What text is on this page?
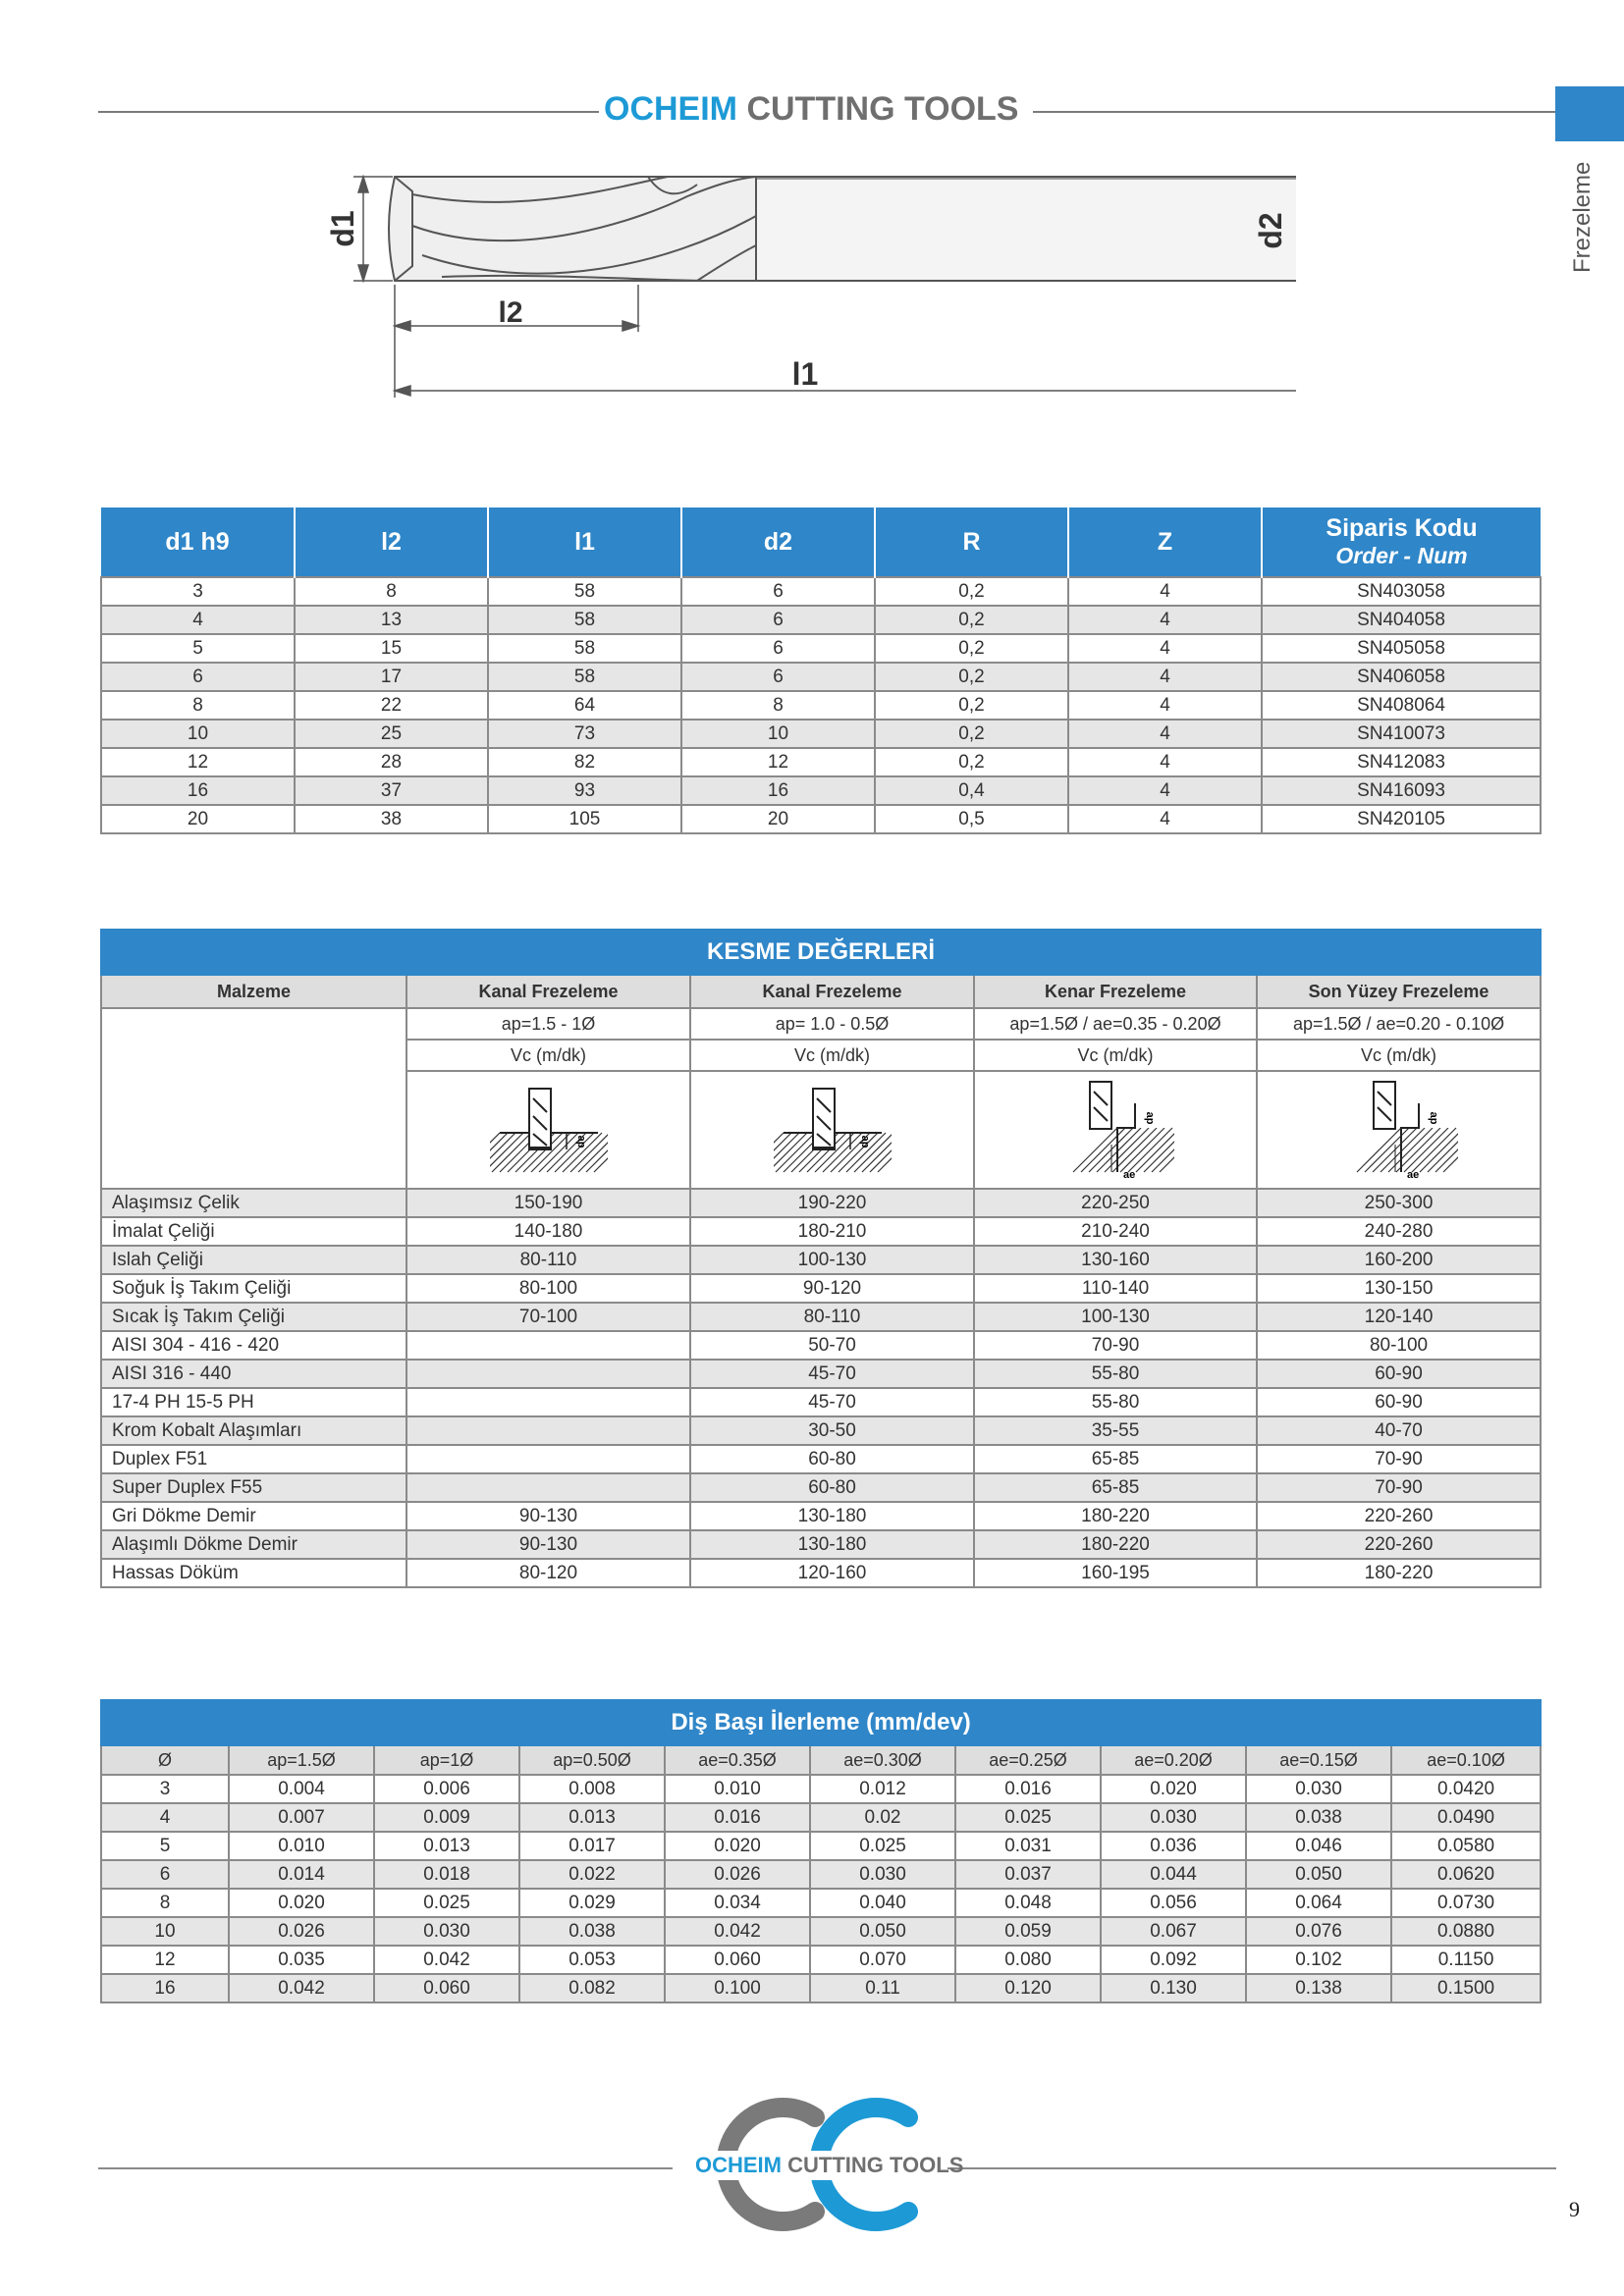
OCHEIM CUTTING TOOLS
Frezeleme
d1
l2
l1
d2
d1 h9	l2	l1	d2	R	Z	Siparis Kodu
Order - Num

3	8	58	6	0,2	4	SN403058
4	13	58	6	0,2	4	SN404058
5	15	58	6	0,2	4	SN405058
6	17	58	6	0,2	4	SN406058
8	22	64	8	0,2	4	SN408064
10	25	73	10	0,2	4	SN410073
12	28	82	12	0,2	4	SN412083
16	37	93	16	0,4	4	SN416093
20	38	105	20	0,5	4	SN420105
KESME DEĞERLERİ				
Malzeme	Kanal Frezeleme	Kanal Frezeleme	Kenar Frezeleme	Son Yüzey Frezeleme
	ap=1.5 - 1Ø	ap= 1.0 - 0.5Ø	ap=1.5Ø / ae=0.35 - 0.20Ø	ap=1.5Ø / ae=0.20 - 0.10Ø
	Vc (m/dk)	Vc (m/dk)	Vc (m/dk)	Vc (m/dk)

ap	ap	ap
ae	ap
ae

Alaşımsız Çelik	150-190	190-220	220-250	250-300
İmalat Çeliği	140-180	180-210	210-240	240-280
Islah Çeliği	80-110	100-130	130-160	160-200
Soğuk İş Takım Çeliği	80-100	90-120	110-140	130-150
Sıcak İş Takım Çeliği	70-100	80-110	100-130	120-140
AISI 304 - 416 - 420		50-70	70-90	80-100
AISI 316 - 440		45-70	55-80	60-90
17-4 PH 15-5 PH		45-70	55-80	60-90
Krom Kobalt Alaşımları		30-50	35-55	40-70
Duplex F51		60-80	65-85	70-90
Super Duplex F55		60-80	65-85	70-90
Gri Dökme Demir	90-130	130-180	180-220	220-260
Alaşımlı Dökme Demir	90-130	130-180	180-220	220-260
Hassas Döküm	80-120	120-160	160-195	180-220
Diş Başı İlerleme (mm/dev)									
Ø	ap=1.5Ø	ap=1Ø	ap=0.50Ø	ae=0.35Ø	ae=0.30Ø	ae=0.25Ø	ae=0.20Ø	ae=0.15Ø	ae=0.10Ø
3	0.004	0.006	0.008	0.010	0.012	0.016	0.020	0.030	0.0420
4	0.007	0.009	0.013	0.016	0.02	0.025	0.030	0.038	0.0490
5	0.010	0.013	0.017	0.020	0.025	0.031	0.036	0.046	0.0580
6	0.014	0.018	0.022	0.026	0.030	0.037	0.044	0.050	0.0620
8	0.020	0.025	0.029	0.034	0.040	0.048	0.056	0.064	0.0730
10	0.026	0.030	0.038	0.042	0.050	0.059	0.067	0.076	0.0880
12	0.035	0.042	0.053	0.060	0.070	0.080	0.092	0.102	0.1150
16	0.042	0.060	0.082	0.100	0.11	0.120	0.130	0.138	0.1500
OCHEIM CUTTING TOOLS
9
